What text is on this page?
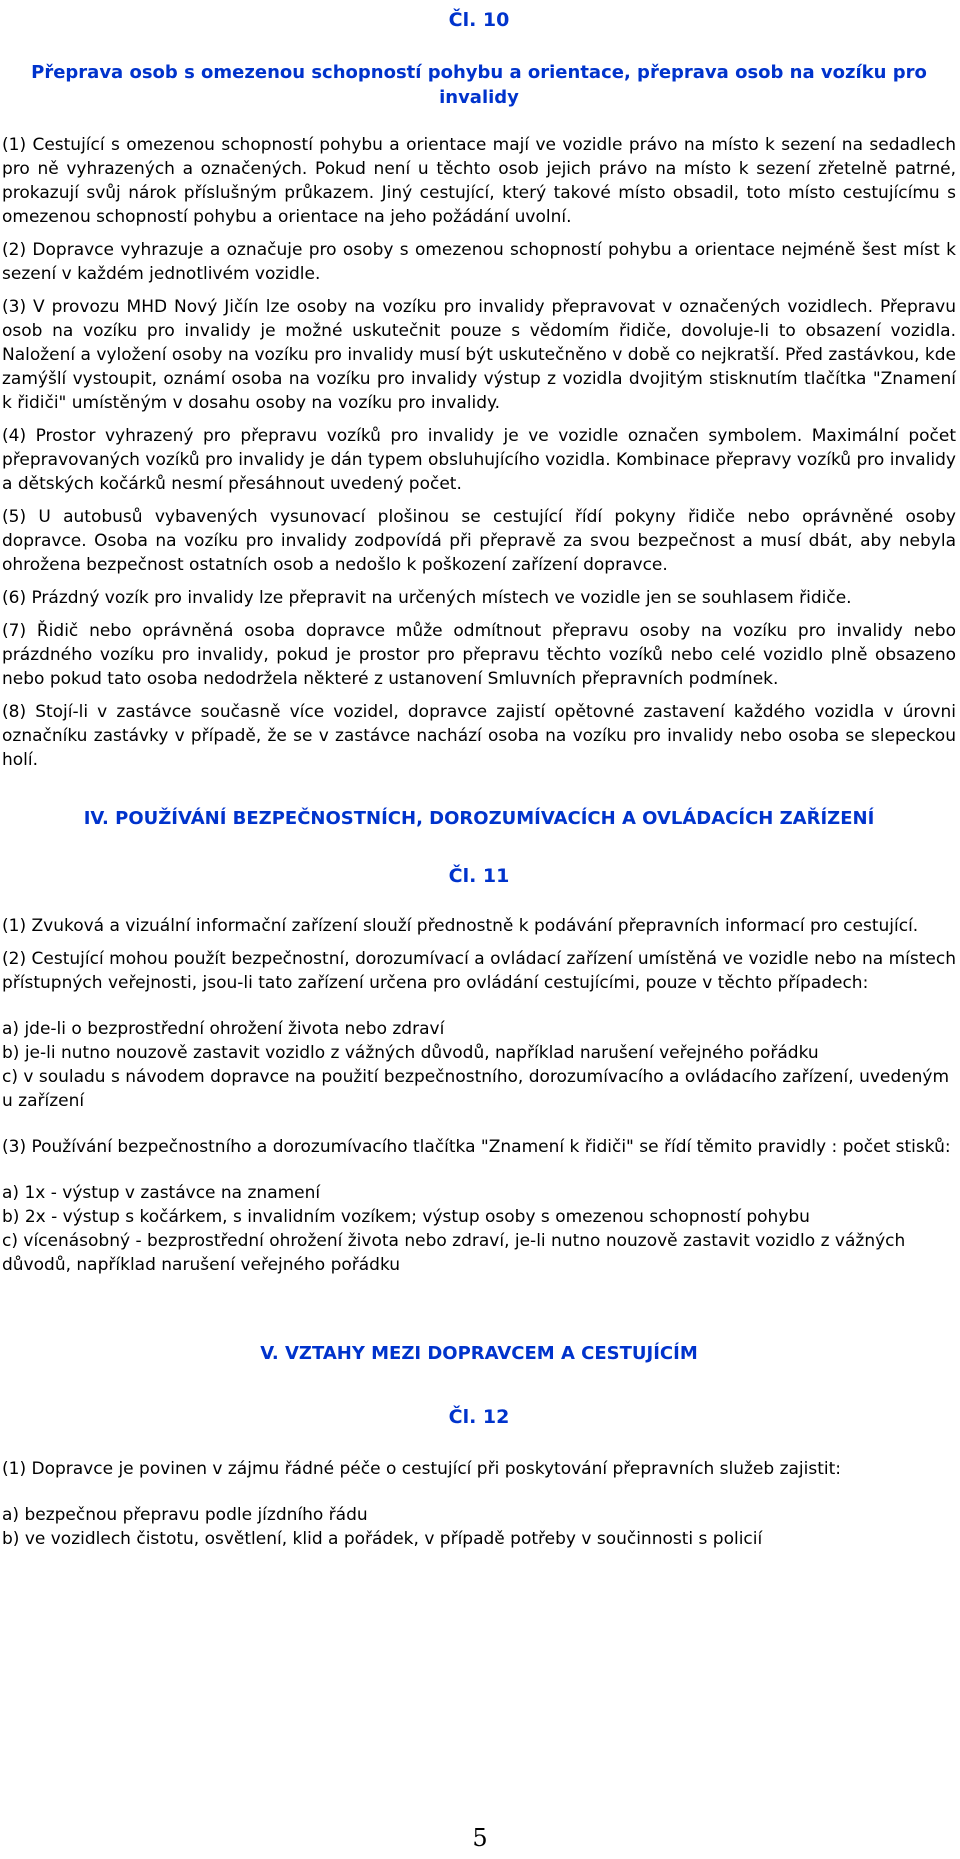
Čl. 10
Přeprava osob s omezenou schopností pohybu a orientace, přeprava osob na vozíku pro invalidy

(1) Cestující s omezenou schopností pohybu a orientace mají ve vozidle právo na místo k sezení na sedadlech pro ně vyhrazených a označených. Pokud není u těchto osob jejich právo na místo k sezení zřetelně patrné, prokazují svůj nárok příslušným průkazem. Jiný cestující, který takové místo obsadil, toto místo cestujícímu s omezenou schopností pohybu a orientace na jeho požádání uvolní.

(2) Dopravce vyhrazuje a označuje pro osoby s omezenou schopností pohybu a orientace nejméně šest míst k sezení v každém jednotlivém vozidle.

(3) V provozu MHD Nový Jičín lze osoby na vozíku pro invalidy přepravovat v označených vozidlech. Přepravu osob na vozíku pro invalidy je možné uskutečnit pouze s vědomím řidiče, dovoluje-li to obsazení vozidla. Naložení a vyložení osoby na vozíku pro invalidy musí být uskutečněno v době co nejkratší. Před zastávkou, kde zamýšlí vystoupit, oznámí osoba na vozíku pro invalidy výstup z vozidla dvojitým stisknutím tlačítka "Znamení k řidiči" umístěným v dosahu osoby na vozíku pro invalidy.

(4) Prostor vyhrazený pro přepravu vozíků pro invalidy je ve vozidle označen symbolem. Maximální počet přepravovaných vozíků pro invalidy je dán typem obsluhujícího vozidla. Kombinace přepravy vozíků pro invalidy a dětských kočárků nesmí přesáhnout uvedený počet.

(5) U autobusů vybavených vysunovací plošinou se cestující řídí pokyny řidiče nebo oprávněné osoby dopravce. Osoba na vozíku pro invalidy zodpovídá při přepravě za svou bezpečnost a musí dbát, aby nebyla ohrožena bezpečnost ostatních osob a nedošlo k poškození zařízení dopravce.

(6) Prázdný vozík pro invalidy lze přepravit na určených místech ve vozidle jen se souhlasem řidiče.

(7) Řidič nebo oprávněná osoba dopravce může odmítnout přepravu osoby na vozíku pro invalidy nebo prázdného vozíku pro invalidy, pokud je prostor pro přepravu těchto vozíků nebo celé vozidlo plně obsazeno nebo pokud tato osoba nedodržela některé z ustanovení Smluvních přepravních podmínek.

(8) Stojí-li v zastávce současně více vozidel, dopravce zajistí opětovné zastavení každého vozidla v úrovni označníku zastávky v případě, že se v zastávce nachází osoba na vozíku pro invalidy nebo osoba se slepeckou holí.

IV. POUŽÍVÁNÍ BEZPEČNOSTNÍCH, DOROZUMÍVACÍCH A OVLÁDACÍCH ZAŘÍZENÍ
Čl. 11

(1) Zvuková a vizuální informační zařízení slouží přednostně k podávání přepravních informací pro cestující.

(2) Cestující mohou použít bezpečnostní, dorozumívací a ovládací zařízení umístěná ve vozidle nebo na místech přístupných veřejnosti, jsou-li tato zařízení určena pro ovládání cestujícími, pouze v těchto případech:

a) jde-li o bezprostřední ohrožení života nebo zdraví

b) je-li nutno nouzově zastavit vozidlo z vážných důvodů, například narušení veřejného pořádku

c) v souladu s návodem dopravce na použití bezpečnostního, dorozumívacího a ovládacího zařízení, uvedeným u zařízení

(3) Používání bezpečnostního a dorozumívacího tlačítka "Znamení k řidiči" se řídí těmito pravidly : počet stisků:

a) 1x - výstup v zastávce na znamení

b) 2x - výstup s kočárkem, s invalidním vozíkem; výstup osoby s omezenou schopností pohybu

c) vícenásobný - bezprostřední ohrožení života nebo zdraví, je-li nutno nouzově zastavit vozidlo z vážných důvodů, například narušení veřejného pořádku

V. VZTAHY MEZI DOPRAVCEM A CESTUJÍCÍM
Čl. 12

(1) Dopravce je povinen v zájmu řádné péče o cestující při poskytování přepravních služeb zajistit:

a) bezpečnou přepravu podle jízdního řádu

b) ve vozidlech čistotu, osvětlení, klid a pořádek, v případě potřeby v součinnosti s policií

5
